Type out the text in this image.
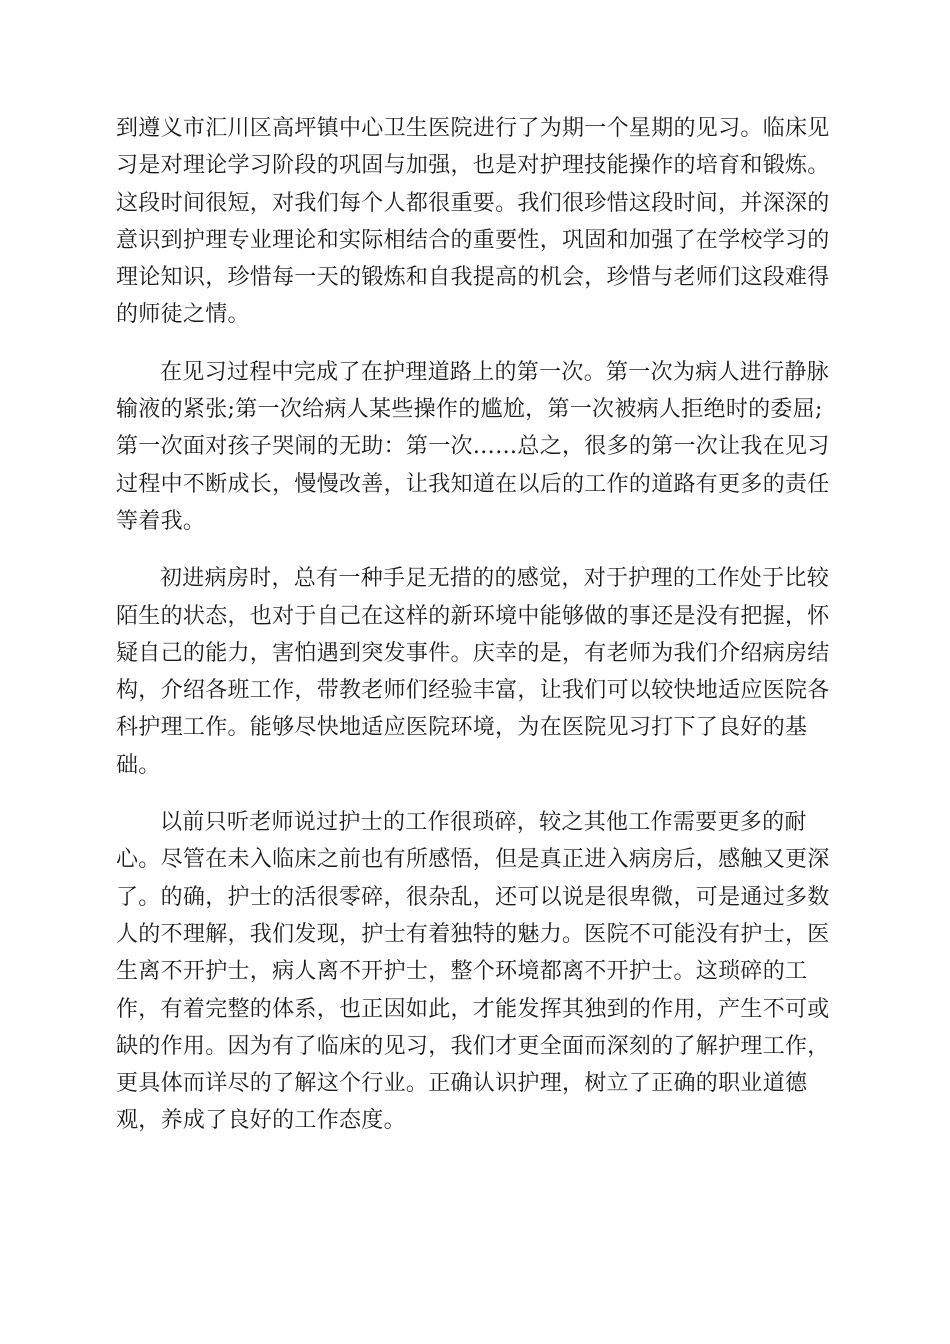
到遵义市汇川区高坪镇中心卫生医院进行了为期一个星期的见习。临床见
习是对理论学习阶段的巩固与加强，也是对护理技能操作的培育和锻炼。
这段时间很短，对我们每个人都很重要。我们很珍惜这段时间，并深深的
意识到护理专业理论和实际相结合的重要性，巩固和加强了在学校学习的
理论知识，珍惜每一天的锻炼和自我提高的机会，珍惜与老师们这段难得
的师徒之情。

在见习过程中完成了在护理道路上的第一次。第一次为病人进行静脉
输液的紧张;第一次给病人某些操作的尴尬，第一次被病人拒绝时的委屈;
第一次面对孩子哭闹的无助：第一次……总之，很多的第一次让我在见习
过程中不断成长，慢慢改善，让我知道在以后的工作的道路有更多的责任
等着我。

初进病房时，总有一种手足无措的的感觉，对于护理的工作处于比较
陌生的状态，也对于自己在这样的新环境中能够做的事还是没有把握，怀
疑自己的能力，害怕遇到突发事件。庆幸的是，有老师为我们介绍病房结
构，介绍各班工作，带教老师们经验丰富，让我们可以较快地适应医院各
科护理工作。能够尽快地适应医院环境，为在医院见习打下了良好的基
础。

以前只听老师说过护士的工作很琐碎，较之其他工作需要更多的耐
心。尽管在未入临床之前也有所感悟，但是真正进入病房后，感触又更深
了。的确，护士的活很零碎，很杂乱，还可以说是很卑微，可是通过多数
人的不理解，我们发现，护士有着独特的魅力。医院不可能没有护士，医
生离不开护士，病人离不开护士，整个环境都离不开护士。这琐碎的工
作，有着完整的体系，也正因如此，才能发挥其独到的作用，产生不可或
缺的作用。因为有了临床的见习，我们才更全面而深刻的了解护理工作，
更具体而详尽的了解这个行业。正确认识护理，树立了正确的职业道德
观，养成了良好的工作态度。
